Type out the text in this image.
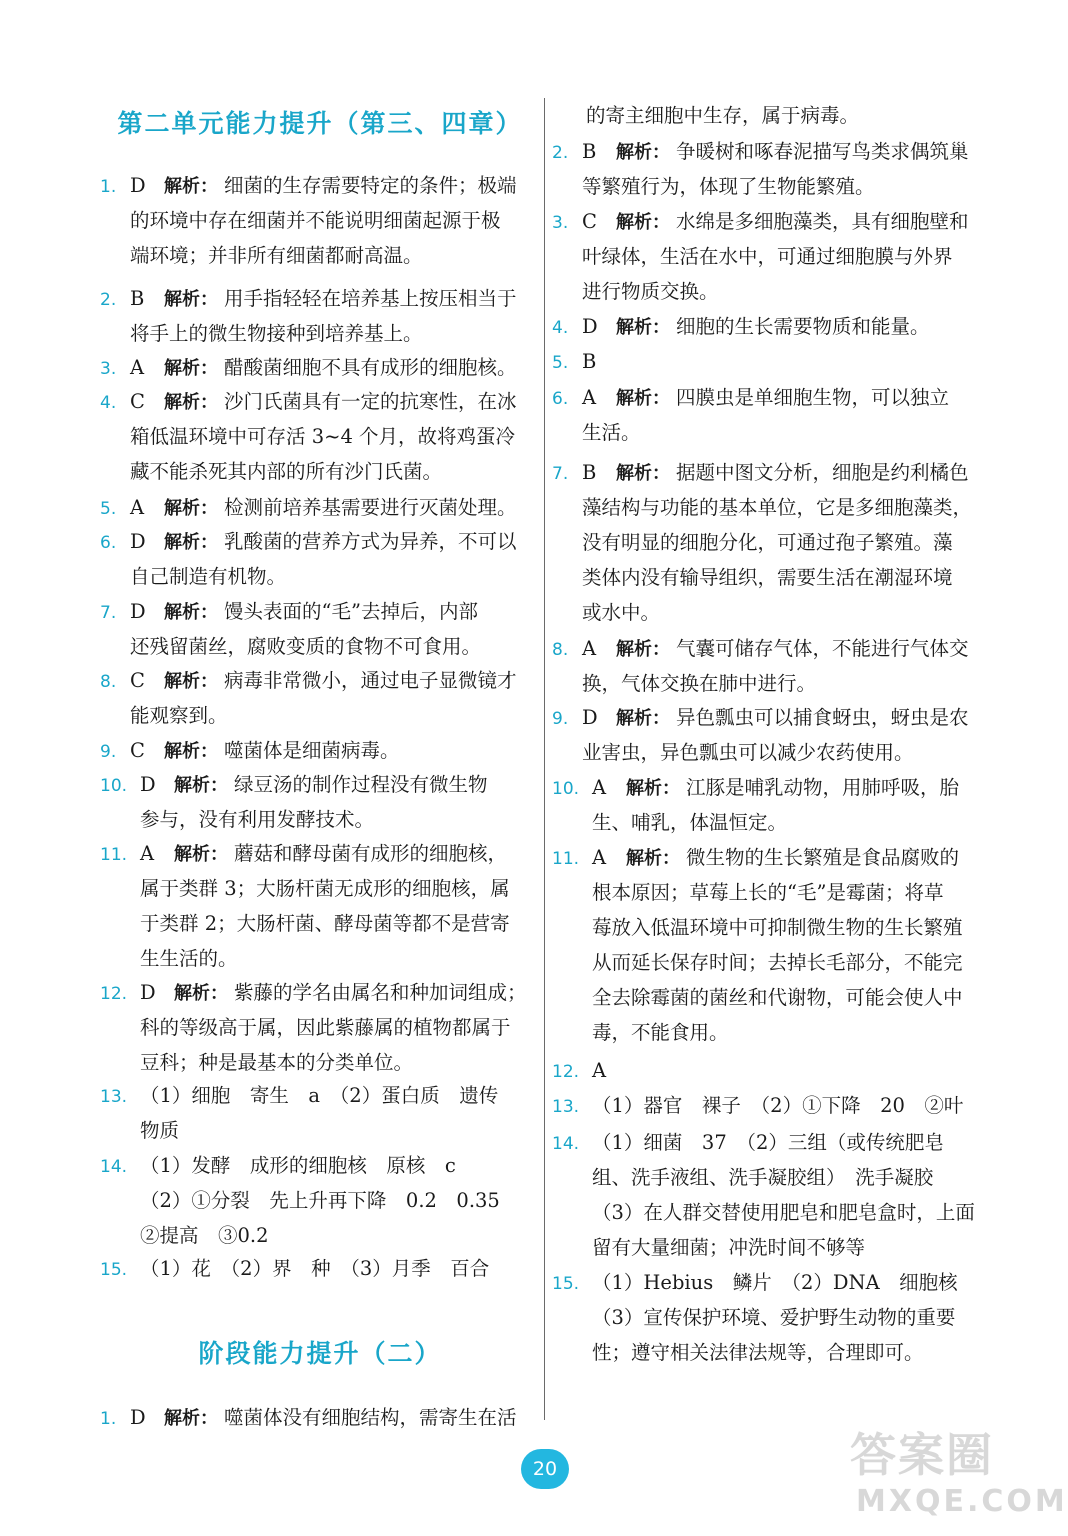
第二单元能力提升（第三、四章）
阶段能力提升（二）
1. D 解析： 细菌的生存需要特定的条件；极端
的环境中存在细菌并不能说明细菌起源于极
端环境；并非所有细菌都耐高温。
2. B 解析： 用手指轻轻在培养基上按压相当于
将手上的微生物接种到培养基上。
3. A 解析： 醋酸菌细胞不具有成形的细胞核。
4. C 解析： 沙门氏菌具有一定的抗寒性，在冰
箱低温环境中可存活 3~4 个月，故将鸡蛋冷
藏不能杀死其内部的所有沙门氏菌。
5. A 解析： 检测前培养基需要进行灭菌处理。
6. D 解析： 乳酸菌的营养方式为异养，不可以
自己制造有机物。
7. D 解析： 馒头表面的“毛”去掉后，内部
还残留菌丝，腐败变质的食物不可食用。
8. C 解析： 病毒非常微小，通过电子显微镜才
能观察到。
9. C 解析： 噬菌体是细菌病毒。
10. D 解析： 绿豆汤的制作过程没有微生物
参与，没有利用发酵技术。
11. A 解析： 蘑菇和酵母菌有成形的细胞核，
属于类群 3；大肠杆菌无成形的细胞核，属
于类群 2；大肠杆菌、酵母菌等都不是营寄
生生活的。
12. D 解析： 紫藤的学名由属名和种加词组成；
科的等级高于属，因此紫藤属的植物都属于
豆科；种是最基本的分类单位。
13. （1）细胞　寄生　a　（2）蛋白质　遗传
物质
14. （1）发酵　成形的细胞核　原核　c
（2）①分裂　先上升再下降　0.2　0.35
②提高　③0.2
15. （1）花　（2）界　种　（3）月季　百合
1. D 解析： 噬菌体没有细胞结构，需寄生在活
的寄主细胞中生存，属于病毒。
2. B 解析： 争暖树和啄春泥描写鸟类求偶筑巢
等繁殖行为，体现了生物能繁殖。
3. C 解析： 水绵是多细胞藻类，具有细胞壁和
叶绿体，生活在水中，可通过细胞膜与外界
进行物质交换。
4. D 解析： 细胞的生长需要物质和能量。
5. B
6. A 解析： 四膜虫是单细胞生物，可以独立
生活。
7. B 解析： 据题中图文分析，细胞是约利橘色
藻结构与功能的基本单位，它是多细胞藻类，
没有明显的细胞分化，可通过孢子繁殖。藻
类体内没有输导组织，需要生活在潮湿环境
或水中。
8. A 解析： 气囊可储存气体，不能进行气体交
换，气体交换在肺中进行。
9. D 解析： 异色瓢虫可以捕食蚜虫，蚜虫是农
业害虫，异色瓢虫可以减少农药使用。
10. A 解析： 江豚是哺乳动物，用肺呼吸，胎
生、哺乳，体温恒定。
11. A 解析： 微生物的生长繁殖是食品腐败的
根本原因；草莓上长的“毛”是霉菌；将草
莓放入低温环境中可抑制微生物的生长繁殖
从而延长保存时间；去掉长毛部分，不能完
全去除霉菌的菌丝和代谢物，可能会使人中
毒，不能食用。
12. A
13. （1）器官　裸子　（2）①下降　20　②叶
14. （1）细菌　37　（2）三组（或传统肥皂
组、洗手液组、洗手凝胶组）　洗手凝胶
（3）在人群交替使用肥皂和肥皂盒时，上面
留有大量细菌；冲洗时间不够等
15. （1）Hebius　鳞片　（2）DNA　细胞核
（3）宣传保护环境、爱护野生动物的重要
性；遵守相关法律法规等，合理即可。
20	答案圈
MXQE.COM
